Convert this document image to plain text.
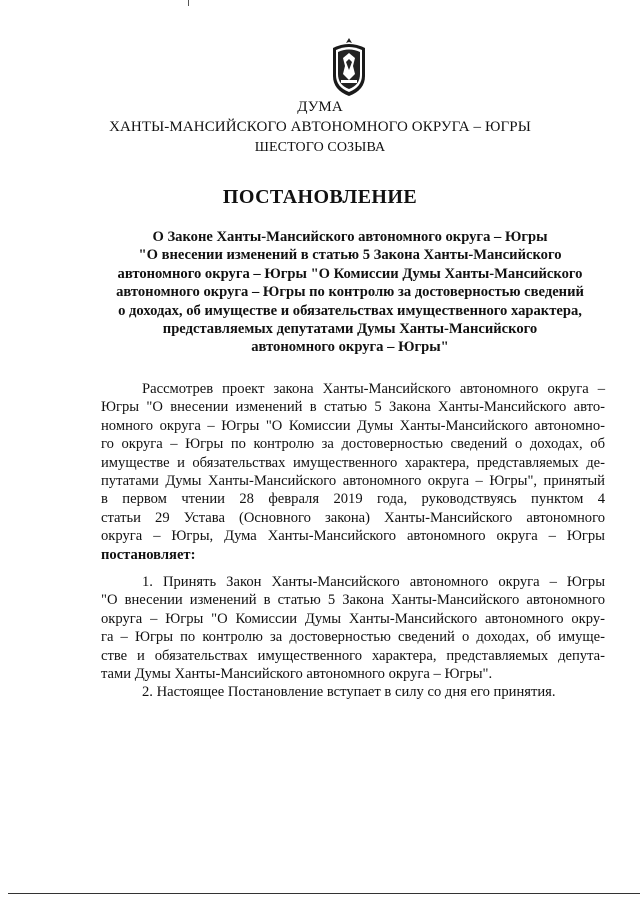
ДУМА
ХАНТЫ-МАНСИЙСКОГО АВТОНОМНОГО ОКРУГА – ЮГРЫ
ШЕСТОГО СОЗЫВА
ПОСТАНОВЛЕНИЕ
О Законе Ханты-Мансийского автономного округа – Югры
"О внесении изменений в статью 5 Закона Ханты-Мансийского
автономного округа – Югры "О Комиссии Думы Ханты-Мансийского
автономного округа – Югры по контролю за достоверностью сведений
о доходах, об имуществе и обязательствах имущественного характера,
представляемых депутатами Думы Ханты-Мансийского
автономного округа – Югры"
Рассмотрев проект закона Ханты-Мансийского автономного округа –
Югры "О внесении изменений в статью 5 Закона Ханты-Мансийского авто-
номного округа – Югры "О Комиссии Думы Ханты-Мансийского автономно-
го округа – Югры по контролю за достоверностью сведений о доходах, об
имуществе и обязательствах имущественного характера, представляемых де-
путатами Думы Ханты-Мансийского автономного округа – Югры", принятый
в первом чтении 28 февраля 2019 года, руководствуясь пунктом 4
статьи 29 Устава (Основного закона) Ханты-Мансийского автономного
округа – Югры, Дума Ханты-Мансийского автономного округа – Югры
постановляет:
1. Принять Закон Ханты-Мансийского автономного округа – Югры
"О внесении изменений в статью 5 Закона Ханты-Мансийского автономного
округа – Югры "О Комиссии Думы Ханты-Мансийского автономного окру-
га – Югры по контролю за достоверностью сведений о доходах, об имуще-
стве и обязательствах имущественного характера, представляемых депута-
тами Думы Ханты-Мансийского автономного округа – Югры".
2. Настоящее Постановление вступает в силу со дня его принятия.
